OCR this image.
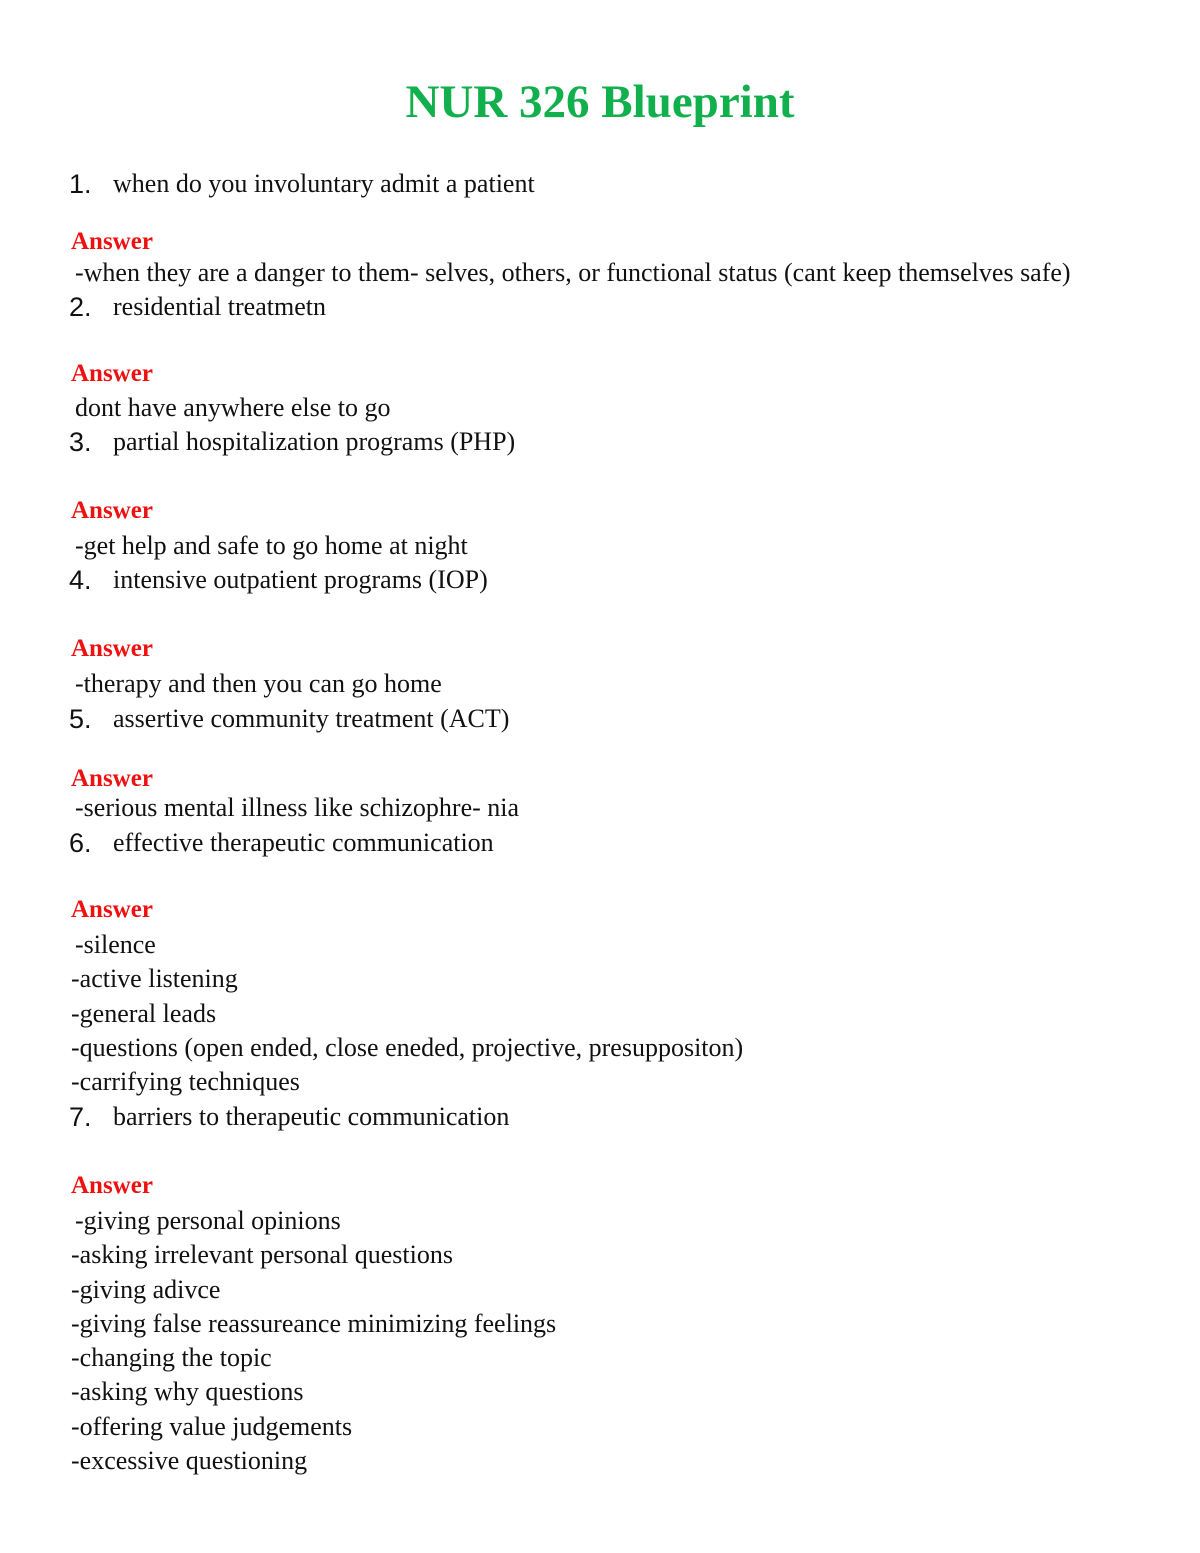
NUR 326 Blueprint
1. when do you involuntary admit a patient
Answer
-when they are a danger to them- selves, others, or functional status (cant keep themselves safe)
2. residential treatmetn
Answer
dont have anywhere else to go
3. partial hospitalization programs (PHP)
Answer
-get help and safe to go home at night
4. intensive outpatient programs (IOP)
Answer
-therapy and then you can go home
5. assertive community treatment (ACT)
Answer
-serious mental illness like schizophre- nia
6. effective therapeutic communication
Answer
-silence
-active listening
-general leads
-questions (open ended, close eneded, projective, presuppositon)
-carrifying techniques
7. barriers to therapeutic communication
Answer
-giving personal opinions
-asking irrelevant personal questions
-giving adivce
-giving false reassureance minimizing feelings
-changing the topic
-asking why questions
-offering value judgements
-excessive questioning
